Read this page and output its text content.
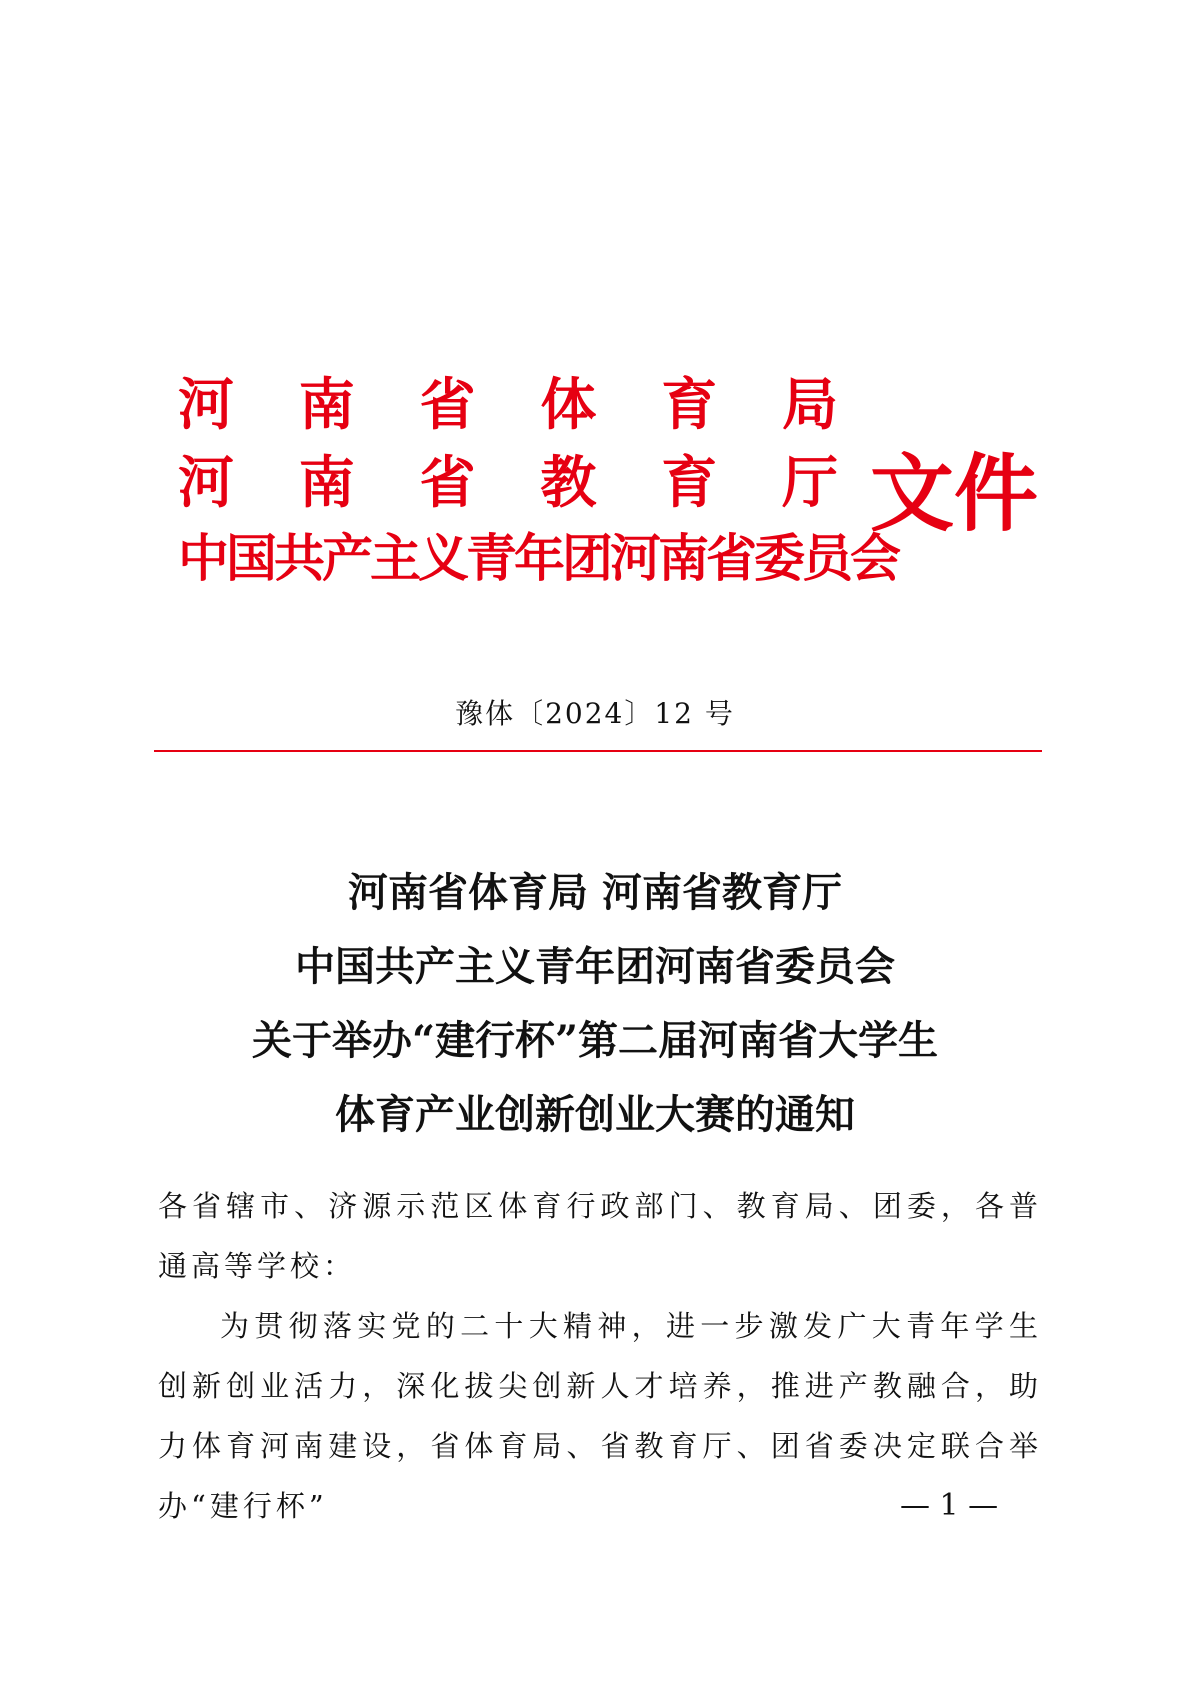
河 南 省 体 育 局
河 南 省 教 育 厅
中国共产主义青年团河南省委员会
文件
豫体〔2024〕12 号
河南省体育局 河南省教育厅
中国共产主义青年团河南省委员会
关于举办“建行杯”第二届河南省大学生
体育产业创新创业大赛的通知

各省辖市、济源示范区体育行政部门、教育局、团委，各普通高等学校：

为贯彻落实党的二十大精神，进一步激发广大青年学生创新创业活力，深化拔尖创新人才培养，推进产教融合，助力体育河南建设，省体育局、省教育厅、团省委决定联合举办“建行杯”	— 1 —
